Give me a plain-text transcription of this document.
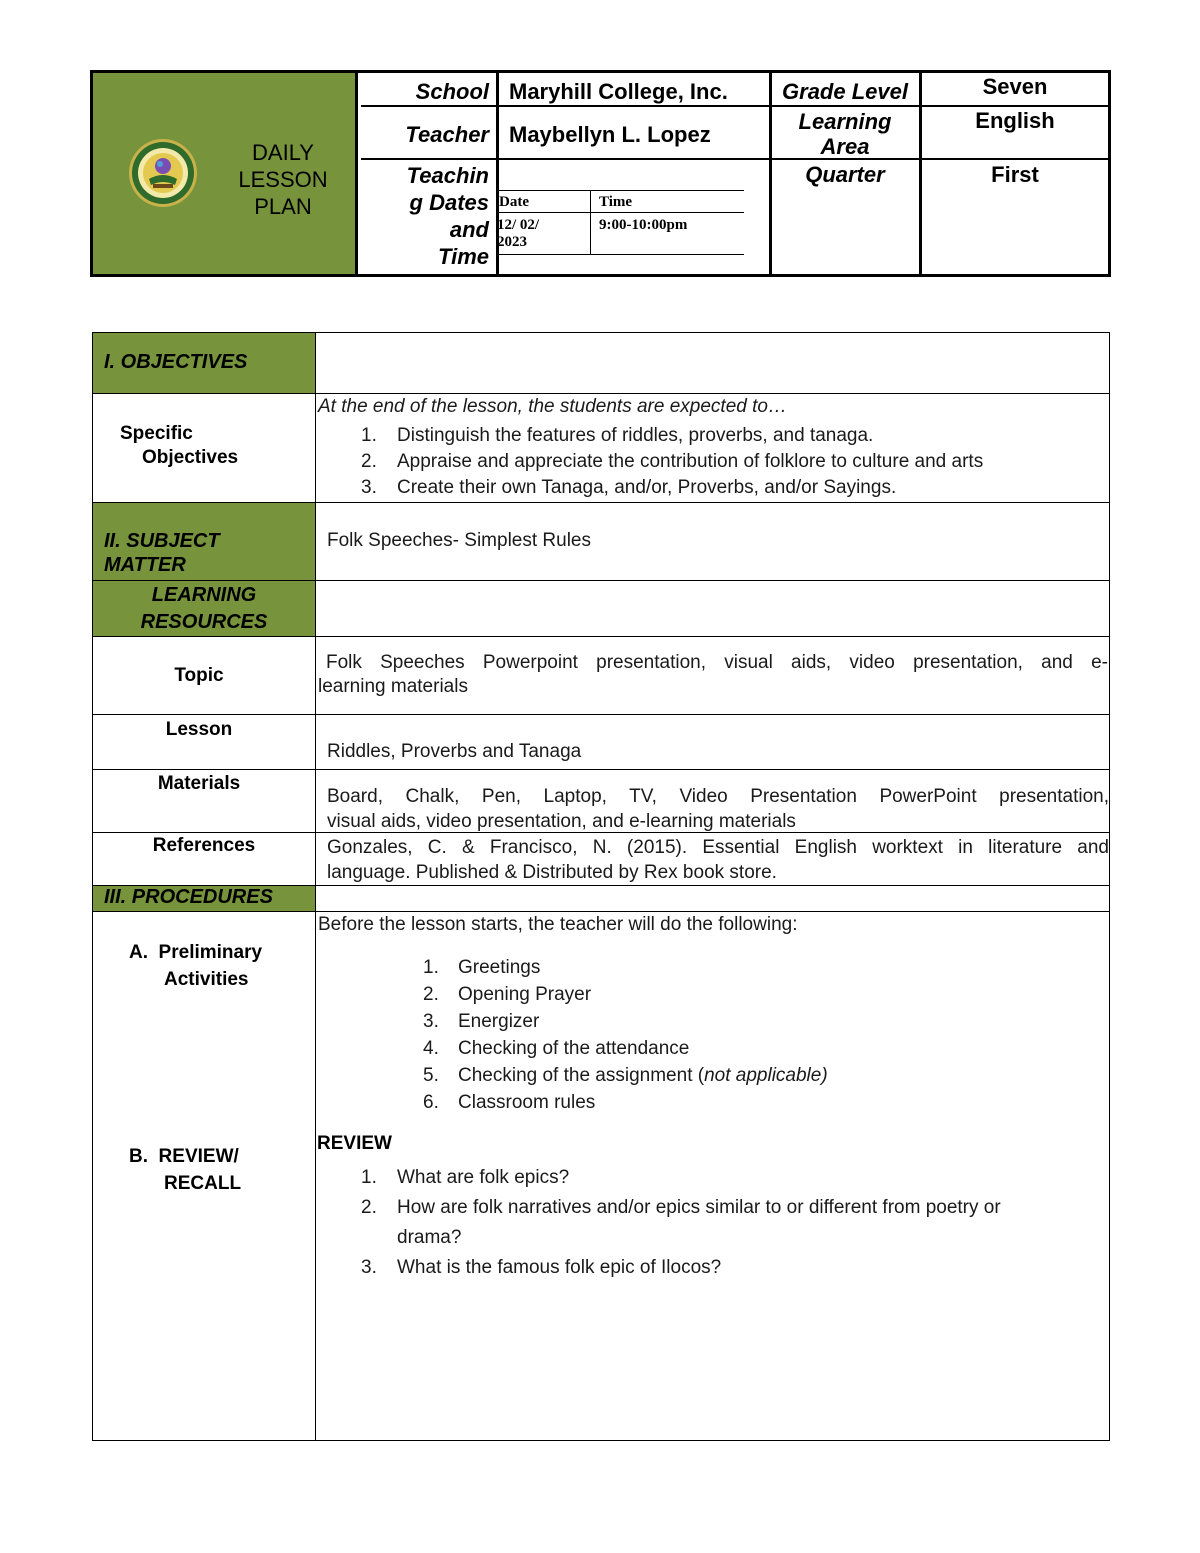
DAILY
LESSON
PLAN
School
Teacher
Teachin
g Dates
and
Time
Maryhill College, Inc.
Maybellyn L. Lopez
Date	Time
12/ 02/
2023
9:00-10:00pm
Grade Level
Learning
Area
Quarter
Seven
English
First
I. OBJECTIVES
Specific
Objectives
At the end of the lesson, the students are expected to…
1. Distinguish the features of riddles, proverbs, and tanaga.
2. Appraise and appreciate the contribution of folklore to culture and arts
3. Create their own Tanaga, and/or, Proverbs, and/or Sayings.
II. SUBJECT
MATTER
Folk Speeches- Simplest Rules
LEARNING
RESOURCES
Topic
Folk Speeches Powerpoint presentation, visual aids, video presentation, and e-
learning materials
Lesson
Riddles, Proverbs and Tanaga
Materials
Board, Chalk, Pen, Laptop, TV, Video Presentation PowerPoint presentation,
visual aids, video presentation, and e-learning materials
References	Gonzales, C. & Francisco, N. (2015). Essential English worktext in literature and
language. Published & Distributed by Rex book store.
III. PROCEDURES
A.  Preliminary
Activities
Before the lesson starts, the teacher will do the following:
1. Greetings
2. Opening Prayer
3. Energizer
4. Checking of the attendance
5. Checking of the assignment (not applicable)
6. Classroom rules
B.  REVIEW/
RECALL
REVIEW
1. What are folk epics?
2. How are folk narratives and/or epics similar to or different from poetry or
drama?
3. What is the famous folk epic of Ilocos?
